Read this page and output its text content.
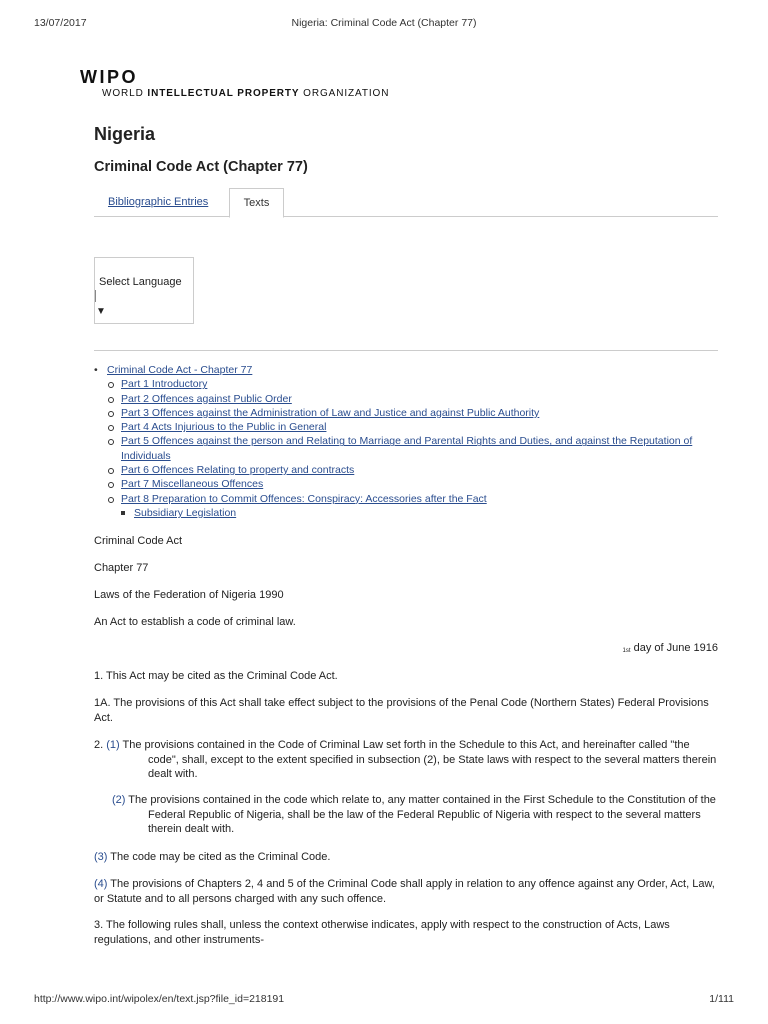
13/07/2017	Nigeria: Criminal Code Act (Chapter 77)
WIPO
WORLD INTELLECTUAL PROPERTY ORGANIZATION
Nigeria
Criminal Code Act (Chapter 77)
Bibliographic Entries	Texts
Select Language
▼
• Criminal Code Act - Chapter 77
Part 1 Introductory
Part 2 Offences against Public Order
Part 3 Offences against the Administration of Law and Justice and against Public Authority
Part 4 Acts Injurious to the Public in General
Part 5 Offences against the person and Relating to Marriage and Parental Rights and Duties, and against the Reputation of Individuals
Part 6 Offences Relating to property and contracts
Part 7 Miscellaneous Offences
Part 8 Preparation to Commit Offences: Conspiracy: Accessories after the Fact
Subsidiary Legislation
Criminal Code Act
Chapter 77
Laws of the Federation of Nigeria 1990
An Act to establish a code of criminal law.
$^{1st}$ day of June 1916
1. This Act may be cited as the Criminal Code Act.
1A. The provisions of this Act shall take effect subject to the provisions of the Penal Code (Northern States) Federal Provisions Act.
2. (1) The provisions contained in the Code of Criminal Law set forth in the Schedule to this Act, and hereinafter called "the code", shall, except to the extent specified in subsection (2), be State laws with respect to the several matters therein dealt with.
(2) The provisions contained in the code which relate to, any matter contained in the First Schedule to the Constitution of the Federal Republic of Nigeria, shall be the law of the Federal Republic of Nigeria with respect to the several matters therein dealt with.
(3) The code may be cited as the Criminal Code.
(4) The provisions of Chapters 2, 4 and 5 of the Criminal Code shall apply in relation to any offence against any Order, Act, Law, or Statute and to all persons charged with any such offence.
3. The following rules shall, unless the context otherwise indicates, apply with respect to the construction of Acts, Laws regulations, and other instruments-
http://www.wipo.int/wipolex/en/text.jsp?file_id=218191	1/111
